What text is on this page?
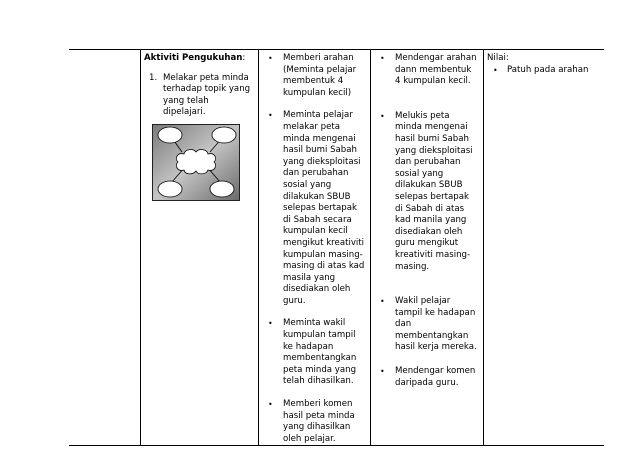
Aktiviti Pengukuhan:
1. Melakar peta minda terhadap topik yang yang telah dipelajari.

•	Memberi arahan (Meminta pelajar membentuk 4 kumpulan kecil)
•	Meminta pelajar melakar peta minda mengenai hasil bumi Sabah yang dieksploitasi dan perubahan sosial yang dilakukan SBUB selepas bertapak di Sabah secara kumpulan kecil mengikut kreativiti kumpulan masing-masing di atas kad masila yang disediakan oleh guru.
•	Meminta wakil kumpulan tampil ke hadapan membentangkan peta minda yang telah dihasilkan.
•	Memberi komen hasil peta minda yang dihasilkan oleh pelajar.

•	Mendengar arahan dann membentuk 4 kumpulan kecil.
•	Melukis peta minda mengenai hasil bumi Sabah yang dieksploitasi dan perubahan sosial yang dilakukan SBUB selepas bertapak di Sabah di atas kad manila yang disediakan oleh guru mengikut kreativiti masing-masing.
•	Wakil pelajar tampil ke hadapan dan membentangkan hasil kerja mereka.
•	Mendengar komen daripada guru.

Nilai:
•	Patuh pada arahan
